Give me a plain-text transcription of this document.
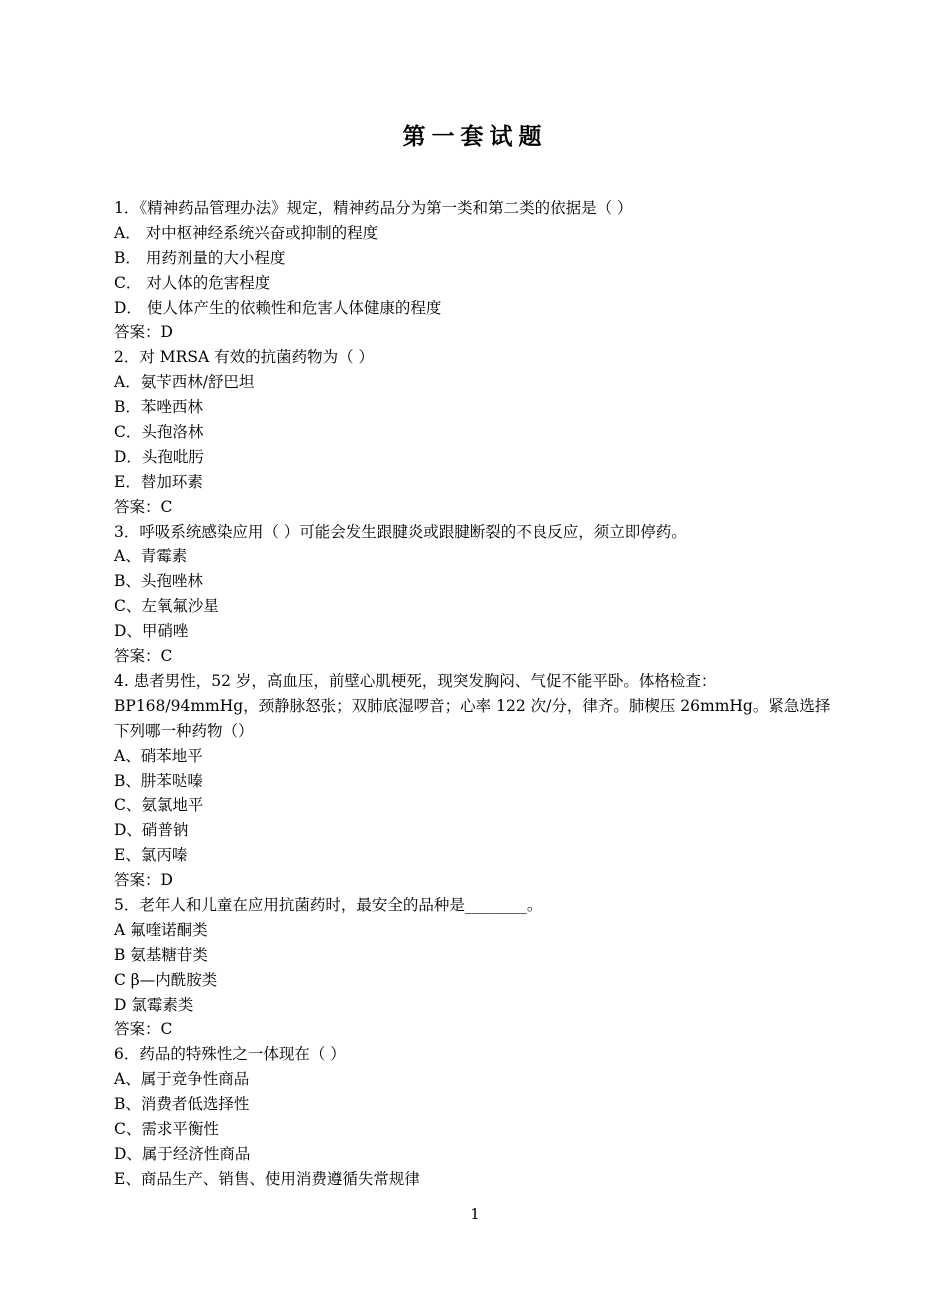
第一套试题
1．《精神药品管理办法》规定，精神药品分为第一类和第二类的依据是（ ）
A． 对中枢神经系统兴奋或抑制的程度
B． 用药剂量的大小程度
C． 对人体的危害程度
D． 使人体产生的依赖性和危害人体健康的程度
答案：D
2．对 MRSA 有效的抗菌药物为（ ）
A．氨苄西林/舒巴坦
B．苯唑西林
C．头孢洛林
D．头孢吡肟
E．替加环素
答案：C
3．呼吸系统感染应用（ ）可能会发生跟腱炎或跟腱断裂的不良反应，须立即停药。
A、青霉素
B、头孢唑林
C、左氧氟沙星
D、甲硝唑
答案：C
4. 患者男性，52 岁，高血压，前壁心肌梗死，现突发胸闷、气促不能平卧。体格检查：BP168/94mmHg，颈静脉怒张；双肺底湿啰音；心率 122 次/分，律齐。肺楔压 26mmHg。紧急选择下列哪一种药物（）
A、硝苯地平
B、肼苯哒嗪
C、氨氯地平
D、硝普钠
E、氯丙嗪
答案：D
5．老年人和儿童在应用抗菌药时，最安全的品种是________。
A 氟喹诺酮类
B 氨基糖苷类
C β—内酰胺类
D 氯霉素类
答案：C
6．药品的特殊性之一体现在（ ）
A、属于竞争性商品
B、消费者低选择性
C、需求平衡性
D、属于经济性商品
E、商品生产、销售、使用消费遵循失常规律
1
